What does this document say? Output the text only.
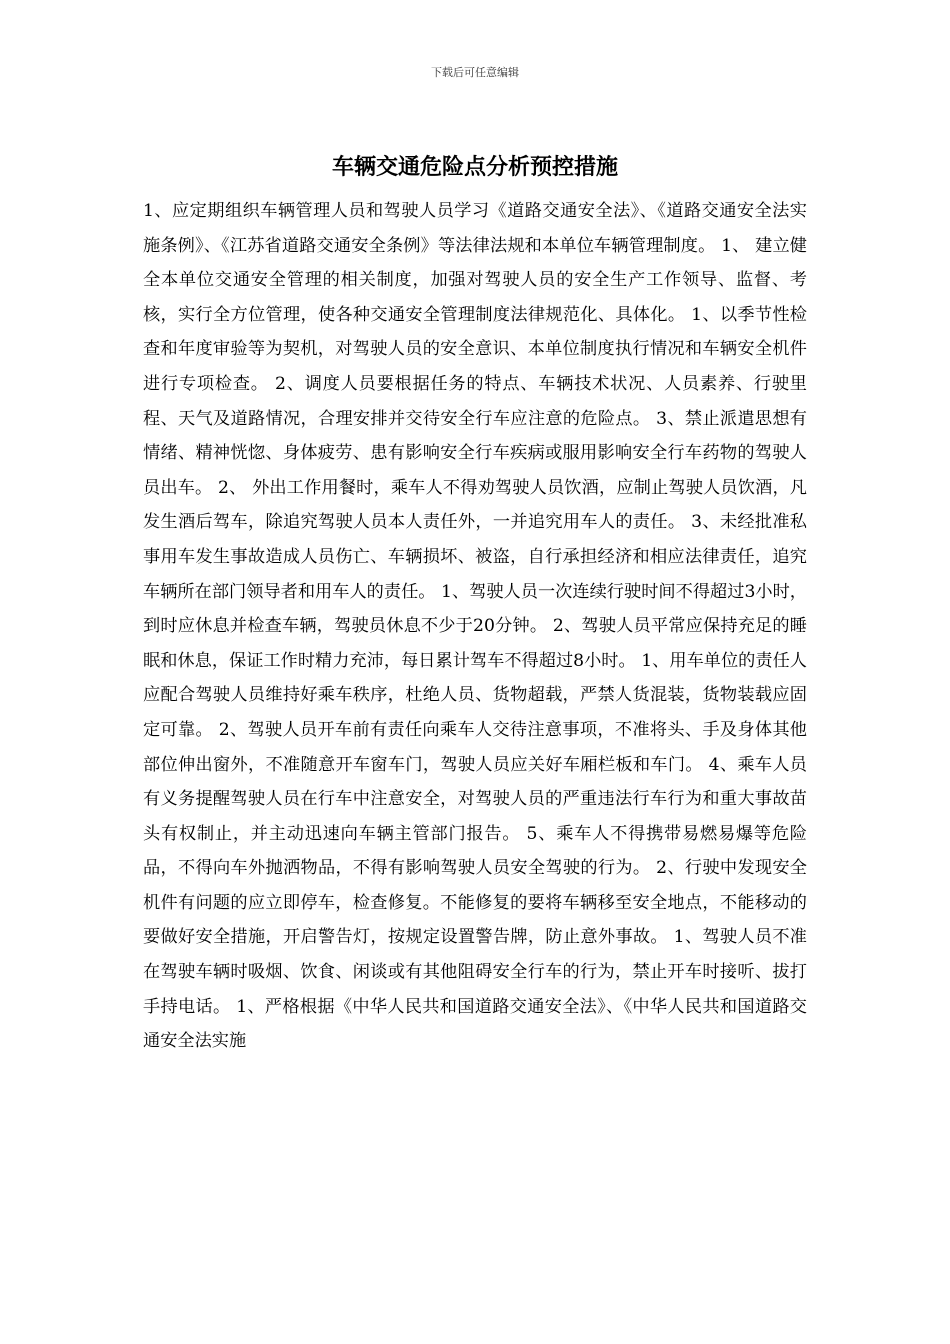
下载后可任意编辑
车辆交通危险点分析预控措施

1、应定期组织车辆管理人员和驾驶人员学习《道路交通安全法》、《道路交通安全法实施条例》、《江苏省道路交通安全条例》等法律法规和本单位车辆管理制度。 1、 建立健全本单位交通安全管理的相关制度，加强对驾驶人员的安全生产工作领导、监督、考核，实行全方位管理，使各种交通安全管理制度法律规范化、具体化。 1、以季节性检查和年度审验等为契机，对驾驶人员的安全意识、本单位制度执行情况和车辆安全机件进行专项检查。 2、调度人员要根据任务的特点、车辆技术状况、人员素养、行驶里程、天气及道路情况，合理安排并交待安全行车应注意的危险点。 3、禁止派遣思想有情绪、精神恍惚、身体疲劳、患有影响安全行车疾病或服用影响安全行车药物的驾驶人员出车。 2、 外出工作用餐时，乘车人不得劝驾驶人员饮酒，应制止驾驶人员饮酒，凡发生酒后驾车，除追究驾驶人员本人责任外，一并追究用车人的责任。 3、未经批准私事用车发生事故造成人员伤亡、车辆损坏、被盗，自行承担经济和相应法律责任，追究车辆所在部门领导者和用车人的责任。 1、驾驶人员一次连续行驶时间不得超过3小时，到时应休息并检查车辆，驾驶员休息不少于20分钟。 2、驾驶人员平常应保持充足的睡眠和休息，保证工作时精力充沛，每日累计驾车不得超过8小时。 1、用车单位的责任人应配合驾驶人员维持好乘车秩序，杜绝人员、货物超载，严禁人货混装，货物装载应固定可靠。 2、驾驶人员开车前有责任向乘车人交待注意事项，不准将头、手及身体其他部位伸出窗外，不准随意开车窗车门，驾驶人员应关好车厢栏板和车门。 4、乘车人员有义务提醒驾驶人员在行车中注意安全，对驾驶人员的严重违法行车行为和重大事故苗头有权制止，并主动迅速向车辆主管部门报告。 5、乘车人不得携带易燃易爆等危险品，不得向车外抛洒物品，不得有影响驾驶人员安全驾驶的行为。 2、行驶中发现安全机件有问题的应立即停车，检查修复。不能修复的要将车辆移至安全地点，不能移动的要做好安全措施，开启警告灯，按规定设置警告牌，防止意外事故。 1、驾驶人员不准在驾驶车辆时吸烟、饮食、闲谈或有其他阻碍安全行车的行为，禁止开车时接听、拔打手持电话。 1、严格根据《中华人民共和国道路交通安全法》、《中华人民共和国道路交通安全法实施
